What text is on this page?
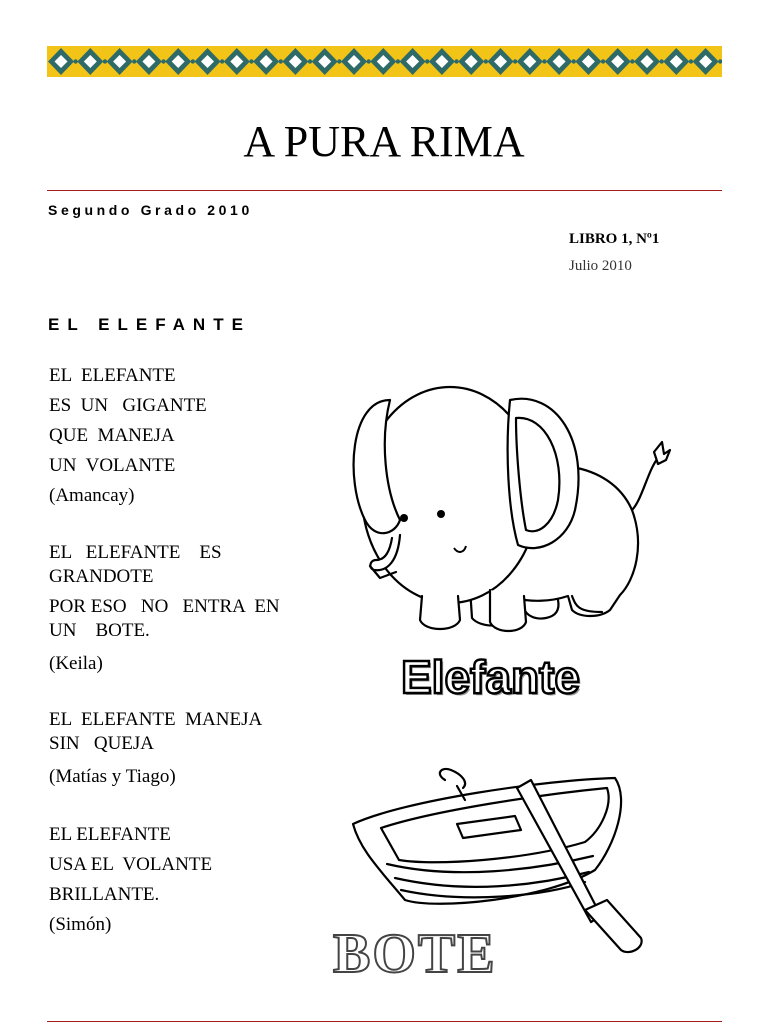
A PURA RIMA
Segundo Grado 2010
LIBRO 1, Nº1
Julio 2010
EL ELEFANTE
EL  ELEFANTE
ES  UN   GIGANTE
QUE  MANEJA
UN  VOLANTE
(Amancay)
EL   ELEFANTE    ES
GRANDOTE
POR ESO   NO   ENTRA  EN
UN    BOTE.
(Keila)
EL  ELEFANTE  MANEJA
SIN   QUEJA
(Matías y Tiago)
EL ELEFANTE
USA EL  VOLANTE
BRILLANTE.
(Simón)
Elefante
BOTE
